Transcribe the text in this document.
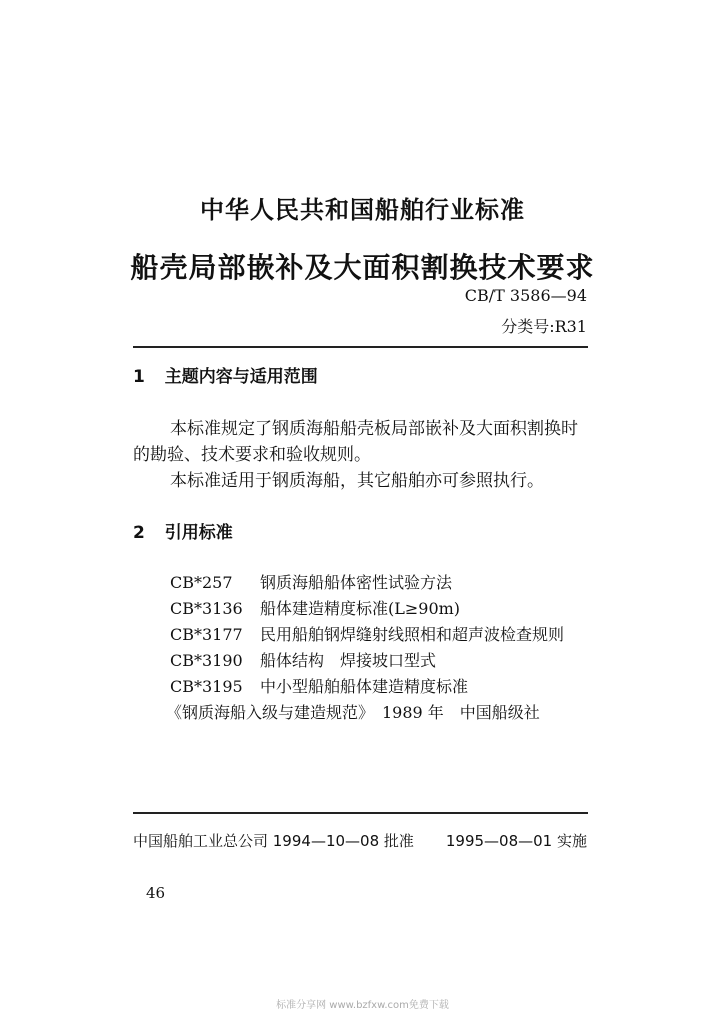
中华人民共和国船舶行业标准
船壳局部嵌补及大面积割换技术要求
CB/T 3586—94
分类号:R31
1 主题内容与适用范围
本标准规定了钢质海船船壳板局部嵌补及大面积割换时
的勘验、技术要求和验收规则。
本标准适用于钢质海船，其它船舶亦可参照执行。
2 引用标准
CB*257 钢质海船船体密性试验方法
CB*3136 船体建造精度标准(L≥90m)
CB*3177 民用船舶钢焊缝射线照相和超声波检查规则
CB*3190 船体结构　焊接坡口型式
CB*3195 中小型船舶船体建造精度标准
《钢质海船入级与建造规范》　1989 年　中国船级社
中国船舶工业总公司 1994—10—08 批准 1995—08—01 实施
46
标准分享网 www.bzfxw.com免费下载
